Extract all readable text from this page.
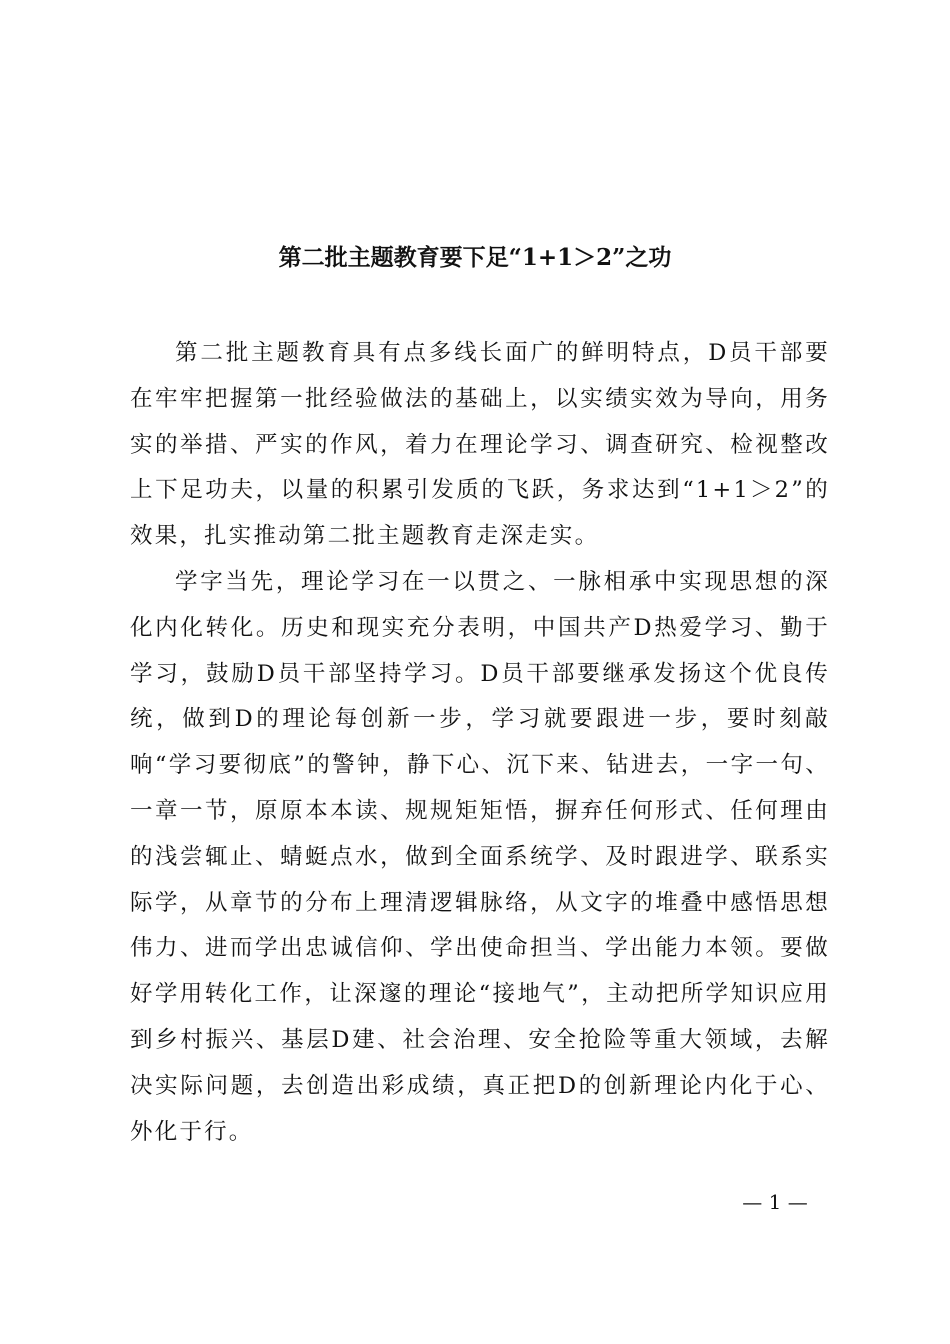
第二批主题教育要下足“1+1＞2”之功

第二批主题教育具有点多线长面广的鲜明特点，D员干部要在牢牢把握第一批经验做法的基础上，以实绩实效为导向，用务实的举措、严实的作风，着力在理论学习、调查研究、检视整改上下足功夫，以量的积累引发质的飞跃，务求达到“1+1＞2”的效果，扎实推动第二批主题教育走深走实。

学字当先，理论学习在一以贯之、一脉相承中实现思想的深化内化转化。历史和现实充分表明，中国共产D热爱学习、勤于学习，鼓励D员干部坚持学习。D员干部要继承发扬这个优良传统，做到D的理论每创新一步，学习就要跟进一步，要时刻敲响“学习要彻底”的警钟，静下心、沉下来、钻进去，一字一句、一章一节，原原本本读、规规矩矩悟，摒弃任何形式、任何理由的浅尝辄止、蜻蜓点水，做到全面系统学、及时跟进学、联系实际学，从章节的分布上理清逻辑脉络，从文字的堆叠中感悟思想伟力、进而学出忠诚信仰、学出使命担当、学出能力本领。要做好学用转化工作，让深邃的理论“接地气”，主动把所学知识应用到乡村振兴、基层D建、社会治理、安全抢险等重大领域，去解决实际问题，去创造出彩成绩，真正把D的创新理论内化于心、外化于行。

— 1 —
